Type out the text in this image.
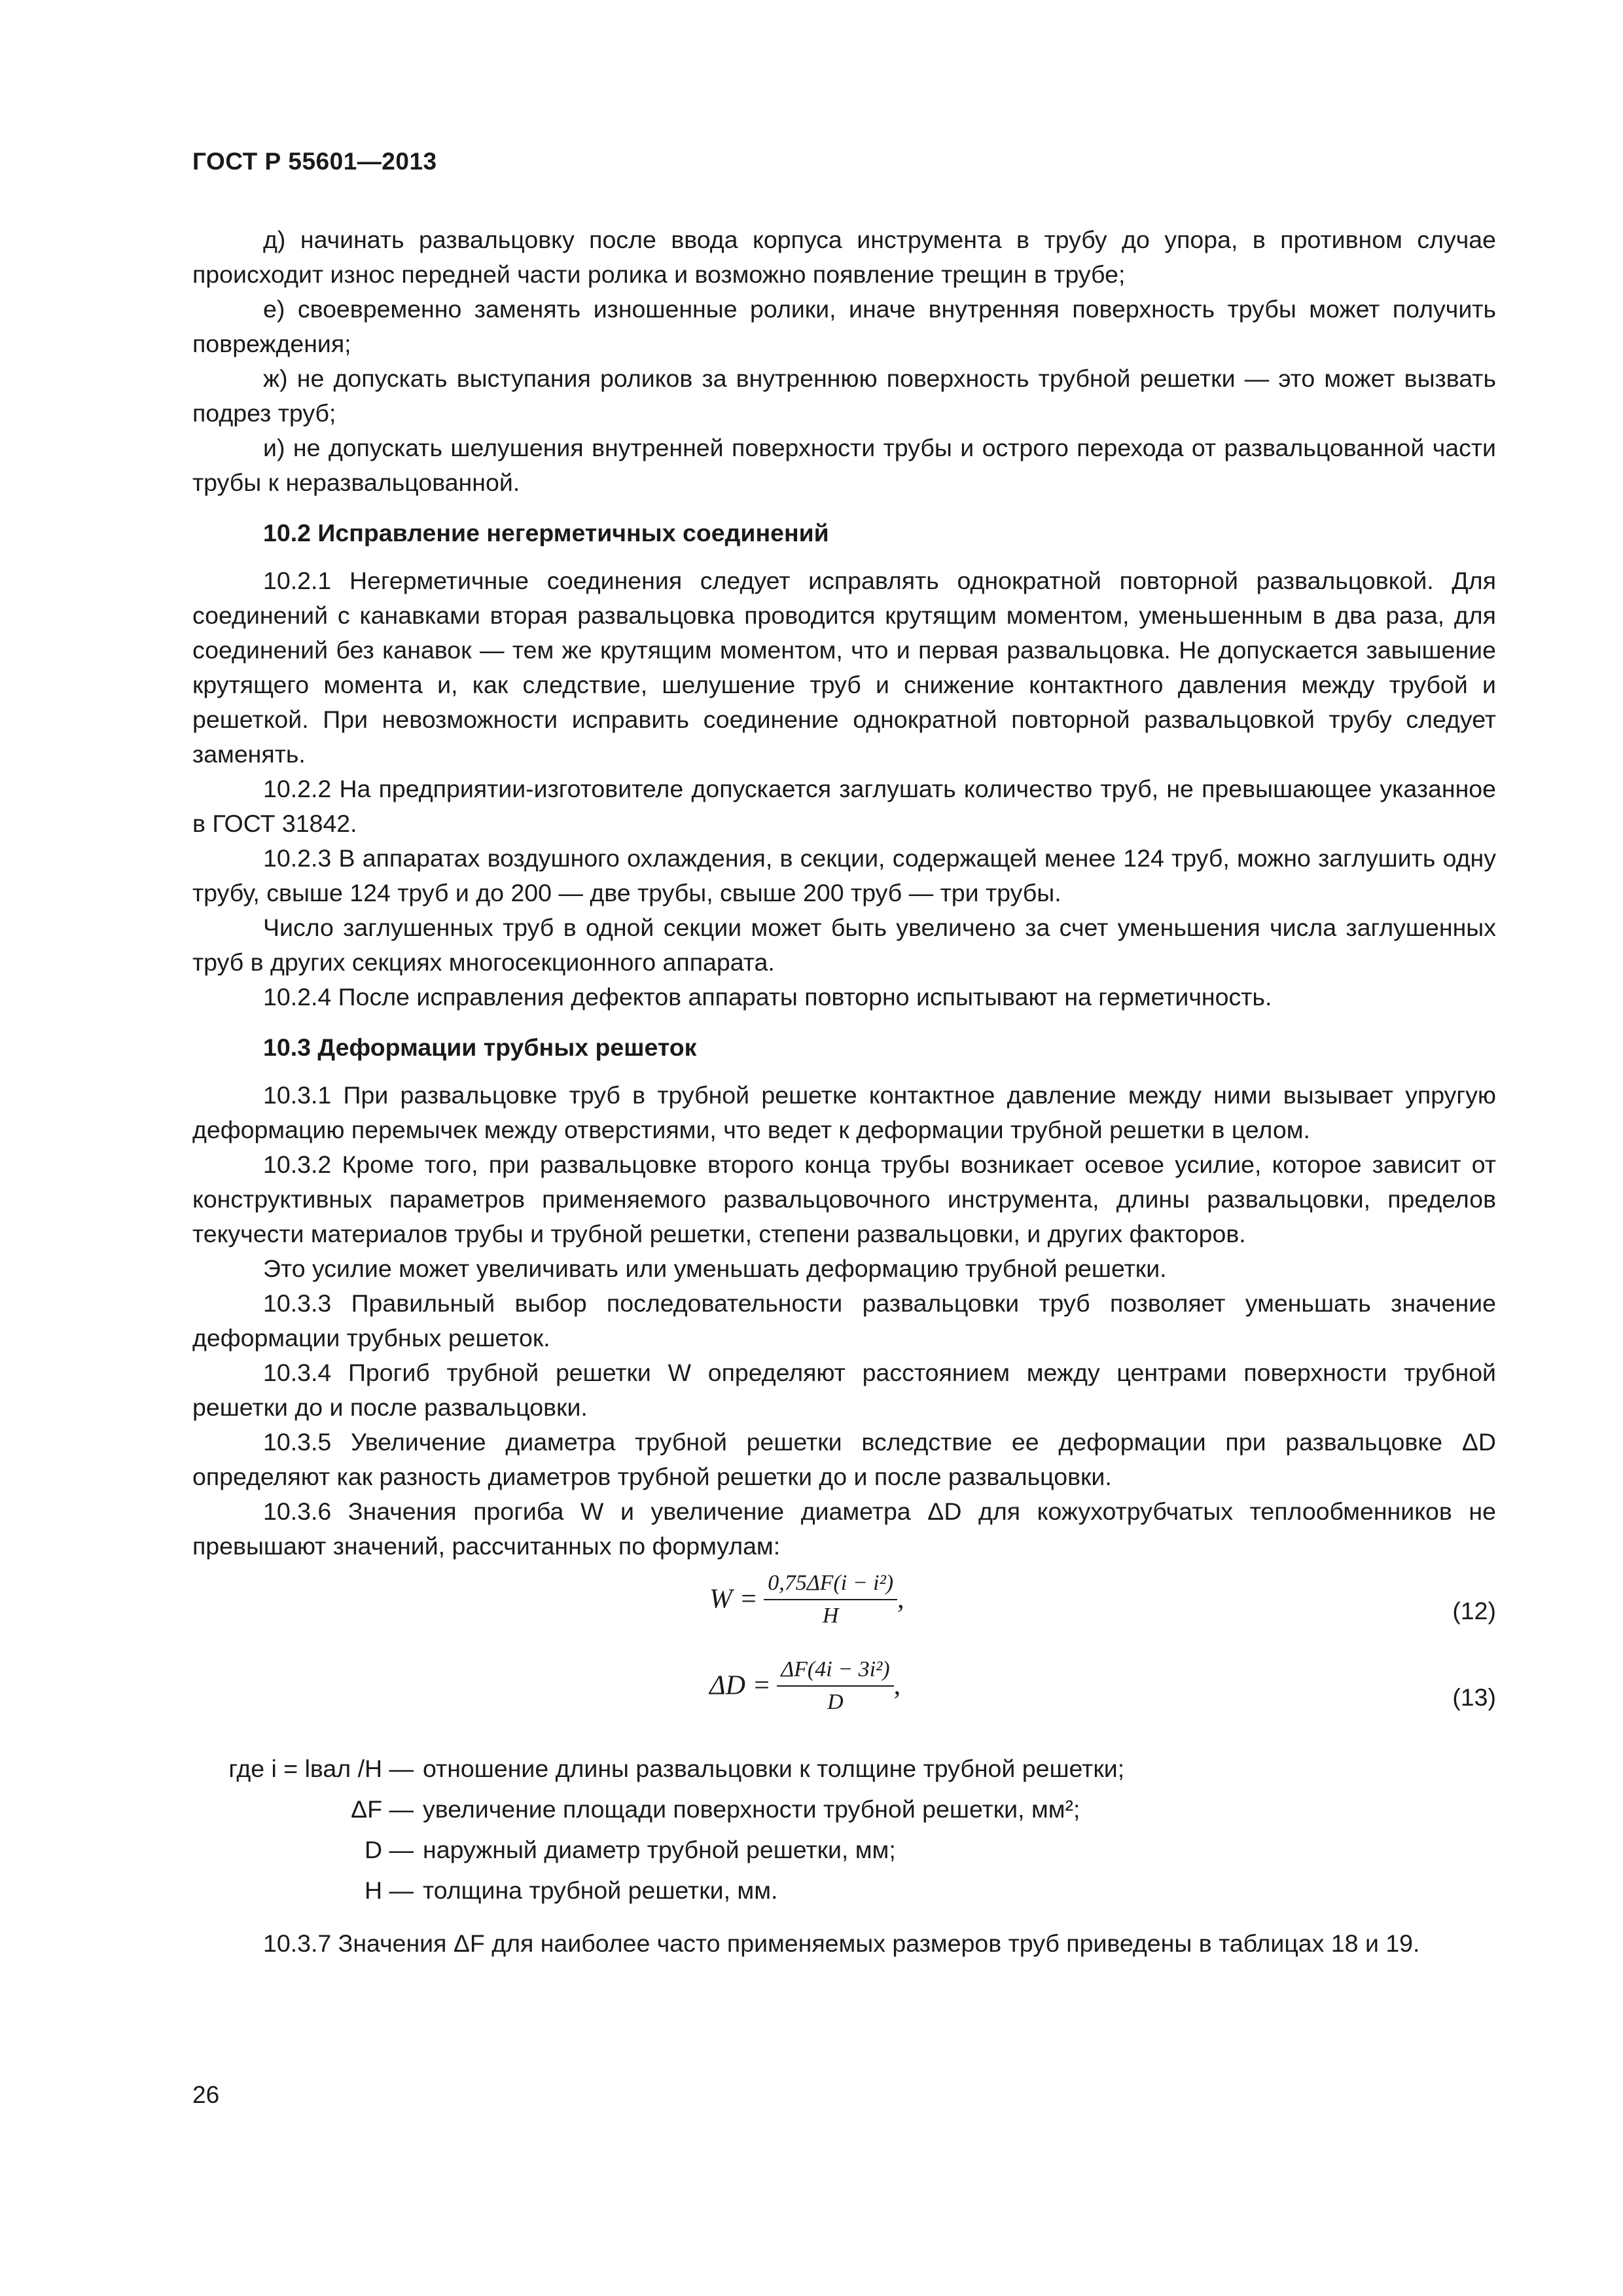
ГОСТ Р 55601—2013

д) начинать развальцовку после ввода корпуса инструмента в трубу до упора, в противном случае происходит износ передней части ролика и возможно появление трещин в трубе;

е) своевременно заменять изношенные ролики, иначе внутренняя поверхность трубы может получить повреждения;

ж) не допускать выступания роликов за внутреннюю поверхность трубной решетки — это может вызвать подрез труб;

и) не допускать шелушения внутренней поверхности трубы и острого перехода от развальцованной части трубы к неразвальцованной.

10.2 Исправление негерметичных соединений

10.2.1 Негерметичные соединения следует исправлять однократной повторной развальцовкой. Для соединений с канавками вторая развальцовка проводится крутящим моментом, уменьшенным в два раза, для соединений без канавок — тем же крутящим моментом, что и первая развальцовка. Не допускается завышение крутящего момента и, как следствие, шелушение труб и снижение контактного давления между трубой и решеткой. При невозможности исправить соединение однократной повторной развальцовкой трубу следует заменять.

10.2.2 На предприятии-изготовителе допускается заглушать количество труб, не превышающее указанное в ГОСТ 31842.

10.2.3 В аппаратах воздушного охлаждения, в секции, содержащей менее 124 труб, можно заглушить одну трубу, свыше 124 труб и до 200 — две трубы, свыше 200 труб — три трубы.

Число заглушенных труб в одной секции может быть увеличено за счет уменьшения числа заглушенных труб в других секциях многосекционного аппарата.

10.2.4 После исправления дефектов аппараты повторно испытывают на герметичность.

10.3 Деформации трубных решеток

10.3.1 При развальцовке труб в трубной решетке контактное давление между ними вызывает упругую деформацию перемычек между отверстиями, что ведет к деформации трубной решетки в целом.

10.3.2 Кроме того, при развальцовке второго конца трубы возникает осевое усилие, которое зависит от конструктивных параметров применяемого развальцовочного инструмента, длины развальцовки, пределов текучести материалов трубы и трубной решетки, степени развальцовки, и других факторов.

Это усилие может увеличивать или уменьшать деформацию трубной решетки.

10.3.3 Правильный выбор последовательности развальцовки труб позволяет уменьшать значение деформации трубных решеток.

10.3.4 Прогиб трубной решетки W определяют расстоянием между центрами поверхности трубной решетки до и после развальцовки.

10.3.5 Увеличение диаметра трубной решетки вследствие ее деформации при развальцовке ΔD определяют как разность диаметров трубной решетки до и после развальцовки.

10.3.6 Значения прогиба W и увеличение диаметра ΔD для кожухотрубчатых теплообменников не превышают значений, рассчитанных по формулам:

$W = \frac{\text{0,75ΔF(i − i²)}}{H}$ ,	(12)
$\Delta D = \frac{\text{ΔF(4i − 3i²)}}{D}$ ,	(13)
где i = lвал /H — отношение длины развальцовки к толщине трубной решетки;
ΔF — увеличение площади поверхности трубной решетки, мм²;
D — наружный диаметр трубной решетки, мм;
H — толщина трубной решетки, мм.

10.3.7 Значения ΔF для наиболее часто применяемых размеров труб приведены в таблицах 18 и 19.

26
